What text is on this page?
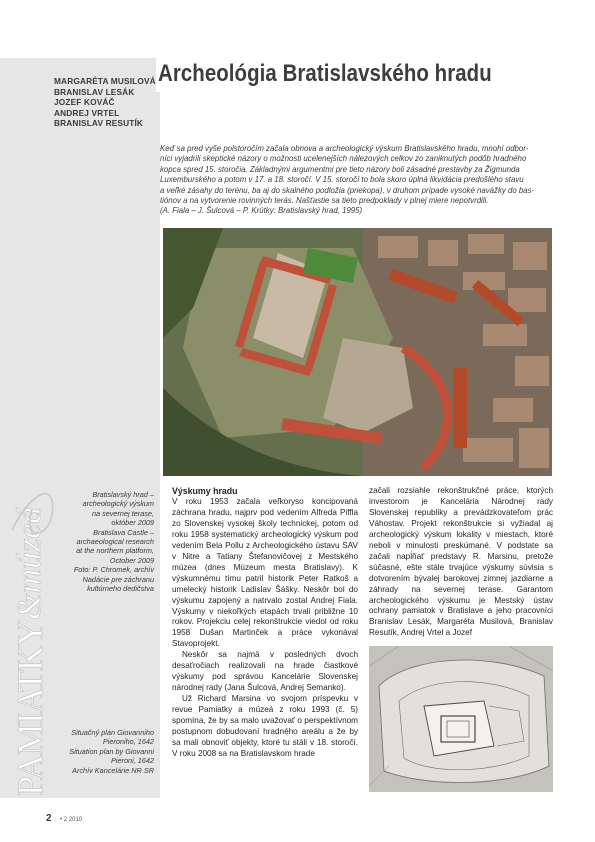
PAMIATKY
&múzeá
MARGARÉTA MUSILOVÁ
BRANISLAV LESÁK
JOZEF KOVÁČ
ANDREJ VRTEL
BRANISLAV RESUTÍK
Archeológia Bratislavského hradu

Keď sa pred vyše polstoročím začala obnova a archeologický výskum Bratislavského hradu, mnohí odbor-

níci vyjadrili skeptické názory o možnosti ucelenejších nálezových celkov zo zaniknutých podôb hradného

kopca spred 15. storočia. Základnými argumentmi pre tieto názory boli zásadné prestavby za Žigmunda

Luxemburského a potom v 17. a 18. storočí. V 15. storočí to bola skoro úplná likvidácia predošlého stavu

a veľké zásahy do terénu, ba aj do skalného podložia (priekopa), v druhom prípade vysoké navážky do bas-

tiónov a na vytvorenie rovinných terás. Našťastie sa tieto predpoklady v plnej miere nepotvrdili.

(A. Fiala – J. Šulcová – P. Krútky: Bratislavský hrad, 1995)

Bratislavský hrad –
archeologický výskum
na severnej terase,
október 2009
Bratislava Castle –
archaeological research
at the northern platform,
October 2009
Foto: P. Chromek, archív
Nadácie pre záchranu
kultúrneho dedičstva
Situačný plán Giovanniho
Pieroniho, 1642
Situation plan by Giovanni
Pieroni, 1642
Archív Kancelárie NR SR

Výskumy hradu

V roku 1953 začala veľkoryso koncipovaná záchrana hradu, najprv pod vedením Alfreda Piffla zo Slovenskej vysokej školy technickej, potom od roku 1958 systematický archeologický výskum pod vedením Bela Pollu z Archeologického ústavu SAV v Nitre a Tatiany Štefanovičovej z Mestského múzea (dnes Múzeum mesta Bratislavy). K výskumnému tímu patril historik Peter Ratkoš a umelecký historik Ladislav Šášky. Neskôr bol do výskumu zapojený a natrvalo zostal Andrej Fiala. Výskumy v niekoľkých etapách trvali približne 10 rokov. Projekciu celej rekonštrukcie viedol od roku 1958 Dušan Martinček a práce vykonával Stavoprojekt.

Neskôr sa najmä v posledných dvoch desaťročiach realizovali na hrade čiastkové výskumy pod správou Kancelárie Slovenskej národnej rady (Jana Šulcová, Andrej Semanko).

Už Richard Marsina vo svojom príspevku v revue Pamiatky a múzeá z roku 1993 (č. 5) spomína, že by sa malo uvažovať o perspektívnom postupnom dobudovaní hradného areálu a že by sa mali obnoviť objekty, ktoré tu stáli v 18. storočí. V roku 2008 sa na Bratislavskom hrade

začali rozsiahle rekonštrukčné práce, ktorých investorom je Kancelária Národnej rady Slovenskej republiky a prevádzkovateľom prác Váhostav. Projekt rekonštrukcie si vyžiadal aj archeologický výskum lokality v miestach, ktoré neboli v minulosti preskúmané. V podstate sa začali napĺňať predstavy R. Marsinu, pretože súčasné, ešte stále trvajúce výskumy súvisia s dotvorením bývalej barokovej zimnej jazdiarne a záhrady na severnej terase. Garantom archeologického výskumu je Mestský ústav ochrany pamiatok v Bratislave a jeho pracovníci Branislav Lesák, Margaréta Musilová, Branislav Resutík, Andrej Vrtel a Jozef

2 • 2 2010
